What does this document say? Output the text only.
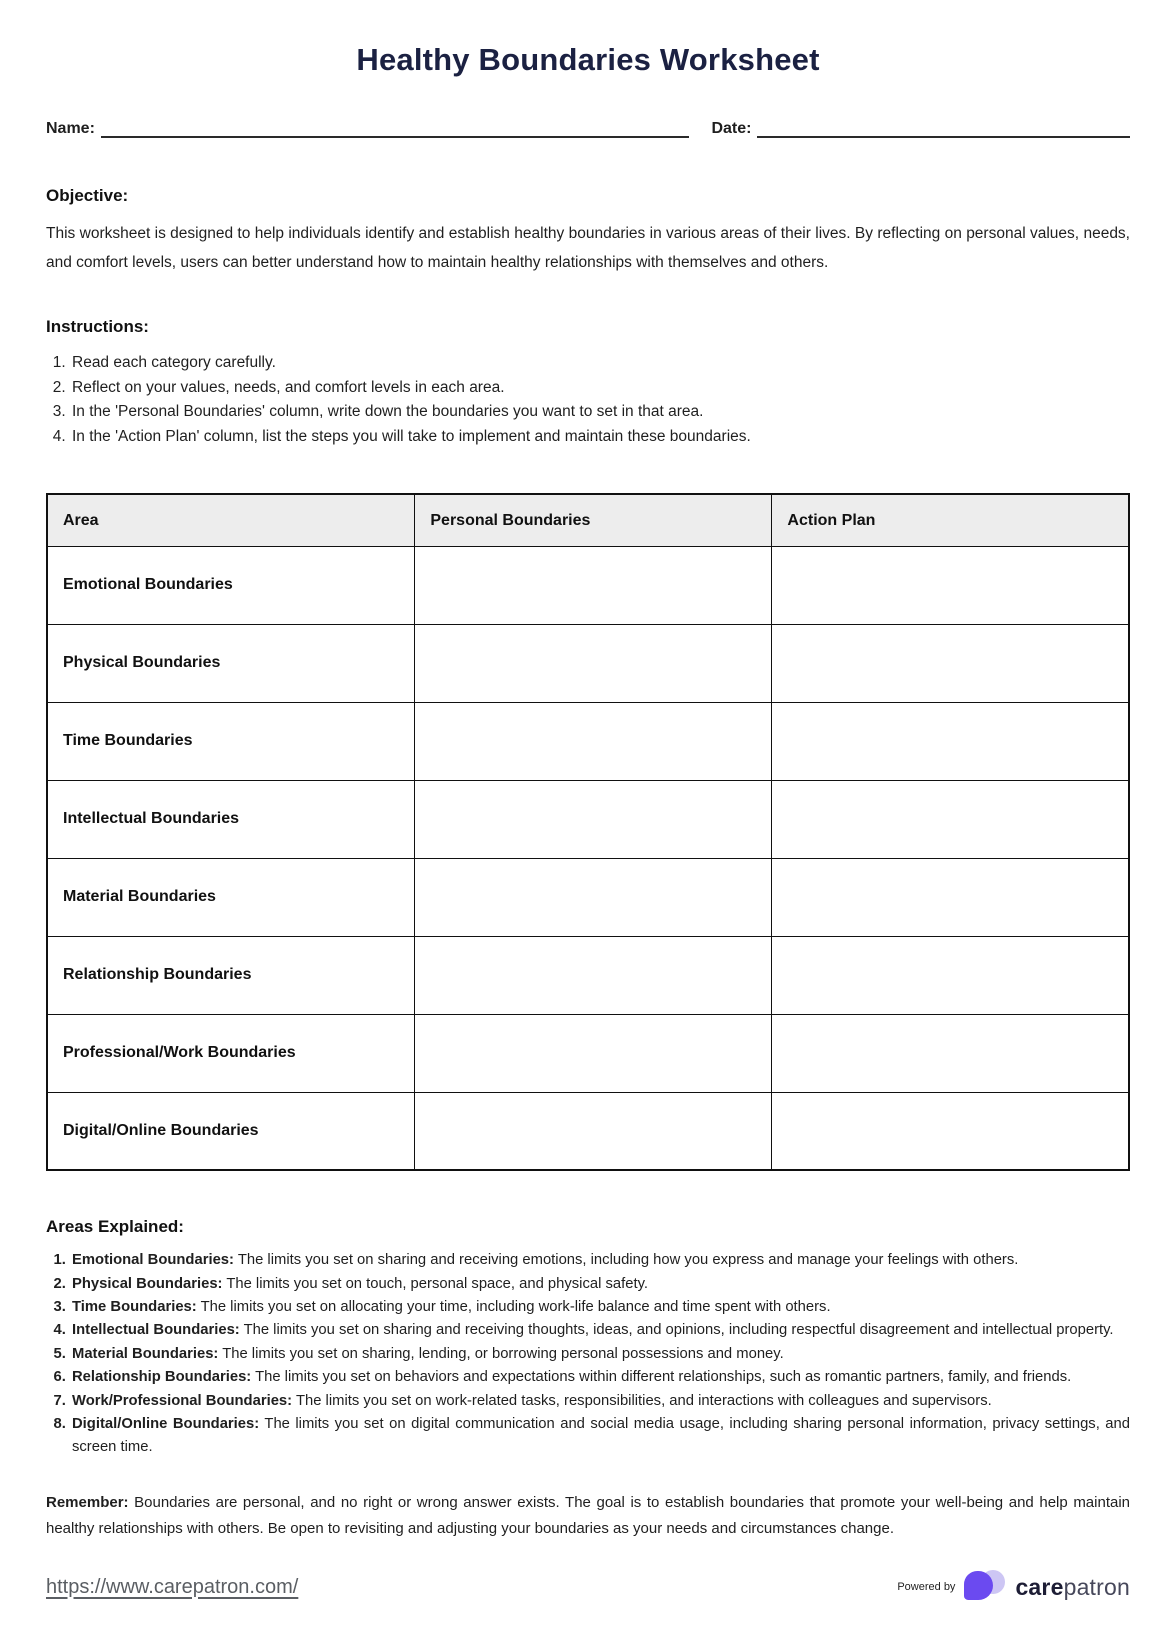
Healthy Boundaries Worksheet
Name:	Date:
Objective:
This worksheet is designed to help individuals identify and establish healthy boundaries in various areas of their lives. By reflecting on personal values, needs, and comfort levels, users can better understand how to maintain healthy relationships with themselves and others.
Instructions:
1. Read each category carefully.
2. Reflect on your values, needs, and comfort levels in each area.
3. In the 'Personal Boundaries' column, write down the boundaries you want to set in that area.
4. In the 'Action Plan' column, list the steps you will take to implement and maintain these boundaries.
Area	Personal Boundaries	Action Plan
Emotional Boundaries		
Physical Boundaries		
Time Boundaries		
Intellectual Boundaries		
Material Boundaries		
Relationship Boundaries		
Professional/Work Boundaries		
Digital/Online Boundaries		
Areas Explained:
1. Emotional Boundaries: The limits you set on sharing and receiving emotions, including how you express and manage your feelings with others.
2. Physical Boundaries: The limits you set on touch, personal space, and physical safety.
3. Time Boundaries: The limits you set on allocating your time, including work-life balance and time spent with others.
4. Intellectual Boundaries: The limits you set on sharing and receiving thoughts, ideas, and opinions, including respectful disagreement and intellectual property.
5. Material Boundaries: The limits you set on sharing, lending, or borrowing personal possessions and money.
6. Relationship Boundaries: The limits you set on behaviors and expectations within different relationships, such as romantic partners, family, and friends.
7. Work/Professional Boundaries: The limits you set on work-related tasks, responsibilities, and interactions with colleagues and supervisors.
8. Digital/Online Boundaries: The limits you set on digital communication and social media usage, including sharing personal information, privacy settings, and screen time.
Remember: Boundaries are personal, and no right or wrong answer exists. The goal is to establish boundaries that promote your well-being and help maintain healthy relationships with others. Be open to revisiting and adjusting your boundaries as your needs and circumstances change.
https://www.carepatron.com/	Powered by	care patron
